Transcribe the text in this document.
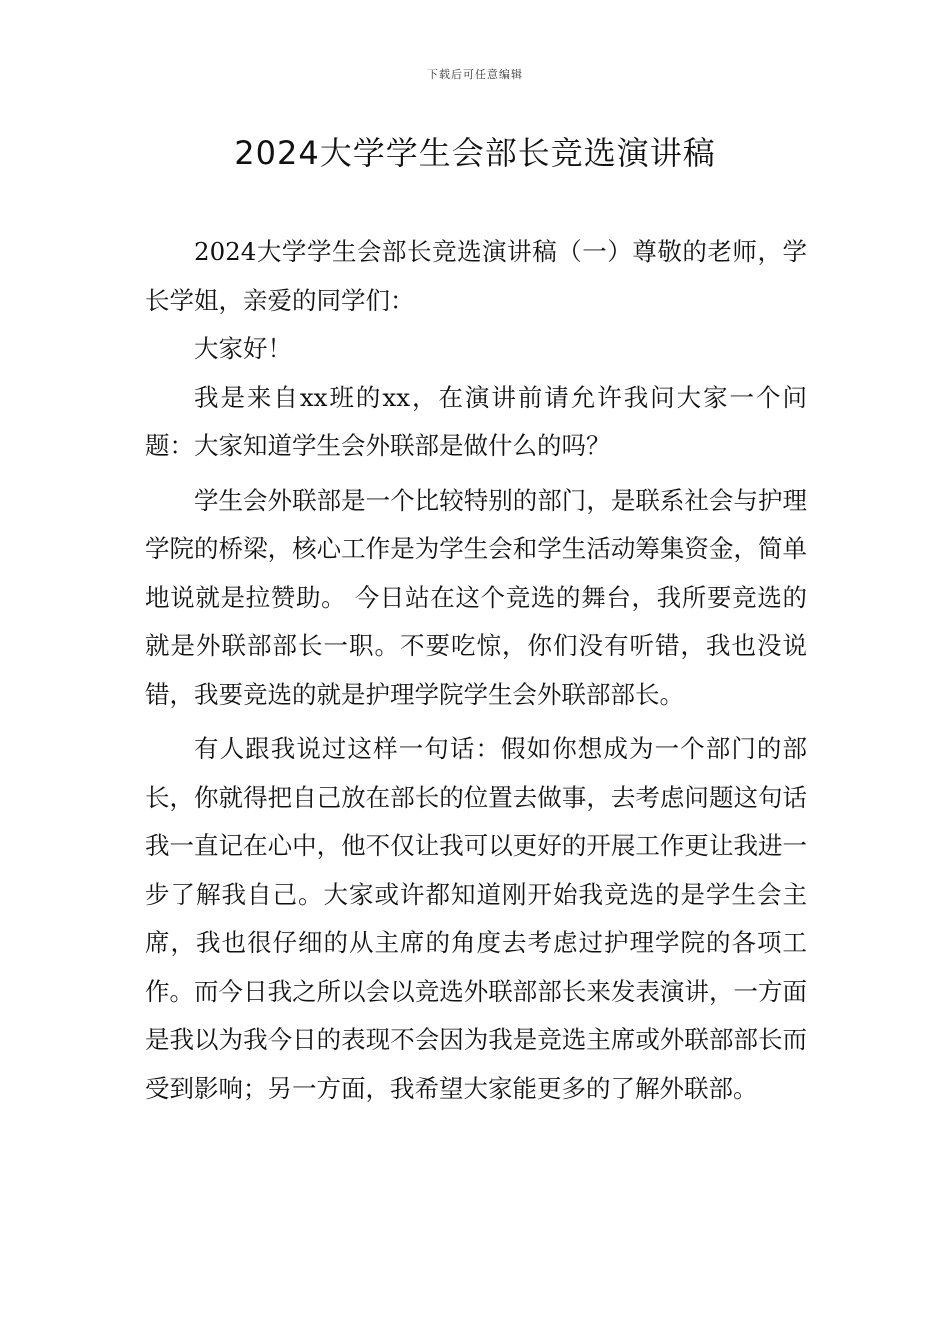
下载后可任意编辑
2024大学学生会部长竞选演讲稿

2024大学学生会部长竞选演讲稿（一）尊敬的老师，学长学姐，亲爱的同学们：

大家好！

我是来自xx班的xx，在演讲前请允许我问大家一个问题：大家知道学生会外联部是做什么的吗？

学生会外联部是一个比较特别的部门，是联系社会与护理学院的桥梁，核心工作是为学生会和学生活动筹集资金，简单地说就是拉赞助。 今日站在这个竞选的舞台，我所要竞选的就是外联部部长一职。不要吃惊，你们没有听错，我也没说错，我要竞选的就是护理学院学生会外联部部长。

有人跟我说过这样一句话：假如你想成为一个部门的部长，你就得把自己放在部长的位置去做事，去考虑问题这句话我一直记在心中，他不仅让我可以更好的开展工作更让我进一步了解我自己。大家或许都知道刚开始我竞选的是学生会主席，我也很仔细的从主席的角度去考虑过护理学院的各项工作。而今日我之所以会以竞选外联部部长来发表演讲，一方面是我以为我今日的表现不会因为我是竞选主席或外联部部长而受到影响；另一方面，我希望大家能更多的了解外联部。
